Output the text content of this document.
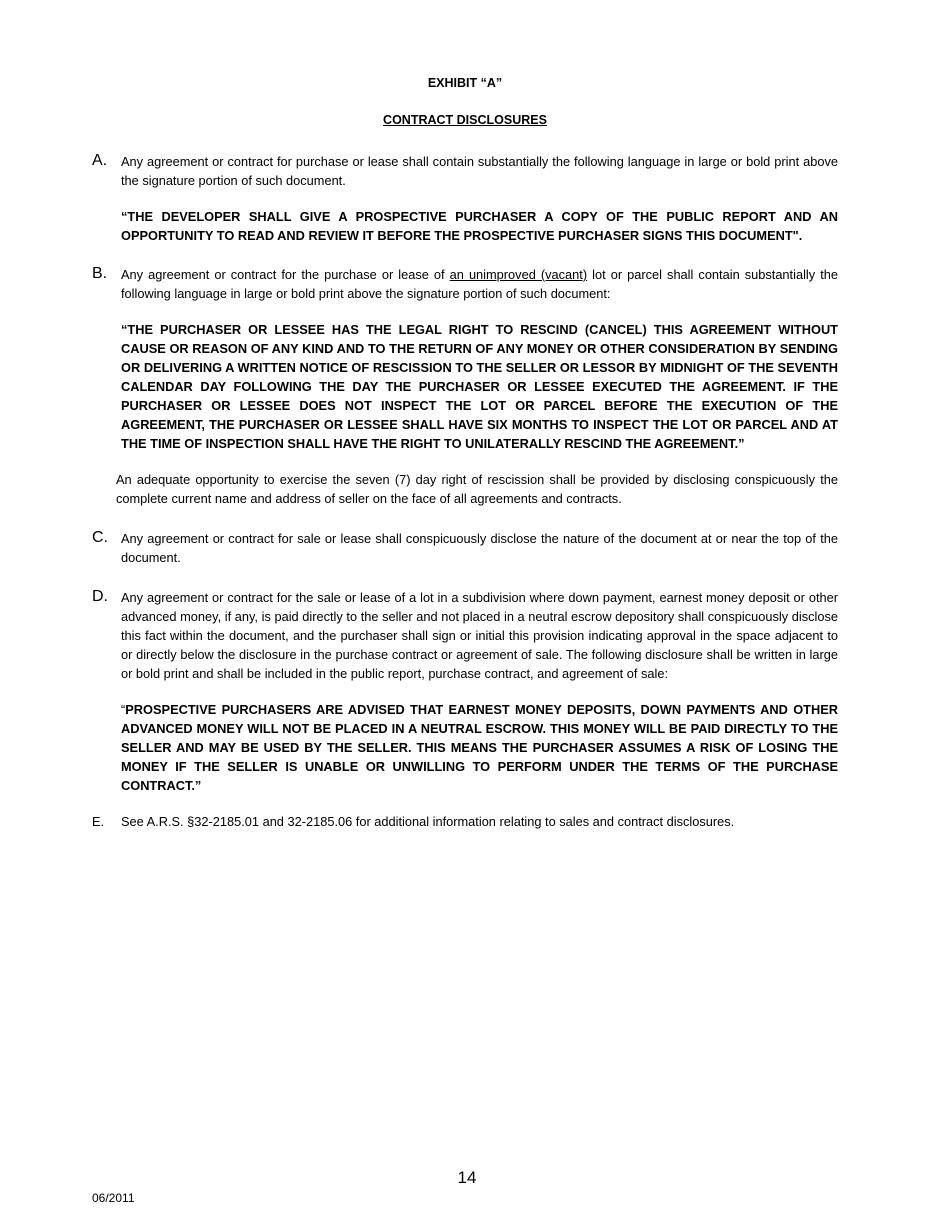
EXHIBIT “A”
CONTRACT DISCLOSURES
A. Any agreement or contract for purchase or lease shall contain substantially the following language in large or bold print above the signature portion of such document.

“THE DEVELOPER SHALL GIVE A PROSPECTIVE PURCHASER A COPY OF THE PUBLIC REPORT AND AN OPPORTUNITY TO READ AND REVIEW IT BEFORE THE PROSPECTIVE PURCHASER SIGNS THIS DOCUMENT".

B. Any agreement or contract for the purchase or lease of an unimproved (vacant) lot or parcel shall contain substantially the following language in large or bold print above the signature portion of such document:

“THE PURCHASER OR LESSEE HAS THE LEGAL RIGHT TO RESCIND (CANCEL) THIS AGREEMENT WITHOUT CAUSE OR REASON OF ANY KIND AND TO THE RETURN OF ANY MONEY OR OTHER CONSIDERATION BY SENDING OR DELIVERING A WRITTEN NOTICE OF RESCISSION TO THE SELLER OR LESSOR BY MIDNIGHT OF THE SEVENTH CALENDAR DAY FOLLOWING THE DAY THE PURCHASER OR LESSEE EXECUTED THE AGREEMENT. IF THE PURCHASER OR LESSEE DOES NOT INSPECT THE LOT OR PARCEL BEFORE THE EXECUTION OF THE AGREEMENT, THE PURCHASER OR LESSEE SHALL HAVE SIX MONTHS TO INSPECT THE LOT OR PARCEL AND AT THE TIME OF INSPECTION SHALL HAVE THE RIGHT TO UNILATERALLY RESCIND THE AGREEMENT.”

An adequate opportunity to exercise the seven (7) day right of rescission shall be provided by disclosing conspicuously the complete current name and address of seller on the face of all agreements and contracts.

C. Any agreement or contract for sale or lease shall conspicuously disclose the nature of the document at or near the top of the document.

D. Any agreement or contract for the sale or lease of a lot in a subdivision where down payment, earnest money deposit or other advanced money, if any, is paid directly to the seller and not placed in a neutral escrow depository shall conspicuously disclose this fact within the document, and the purchaser shall sign or initial this provision indicating approval in the space adjacent to or directly below the disclosure in the purchase contract or agreement of sale. The following disclosure shall be written in large or bold print and shall be included in the public report, purchase contract, and agreement of sale:

“PROSPECTIVE PURCHASERS ARE ADVISED THAT EARNEST MONEY DEPOSITS, DOWN PAYMENTS AND OTHER ADVANCED MONEY WILL NOT BE PLACED IN A NEUTRAL ESCROW. THIS MONEY WILL BE PAID DIRECTLY TO THE SELLER AND MAY BE USED BY THE SELLER. THIS MEANS THE PURCHASER ASSUMES A RISK OF LOSING THE MONEY IF THE SELLER IS UNABLE OR UNWILLING TO PERFORM UNDER THE TERMS OF THE PURCHASE CONTRACT.”

E. See A.R.S. §32-2185.01 and 32-2185.06 for additional information relating to sales and contract disclosures.

14
06/2011
